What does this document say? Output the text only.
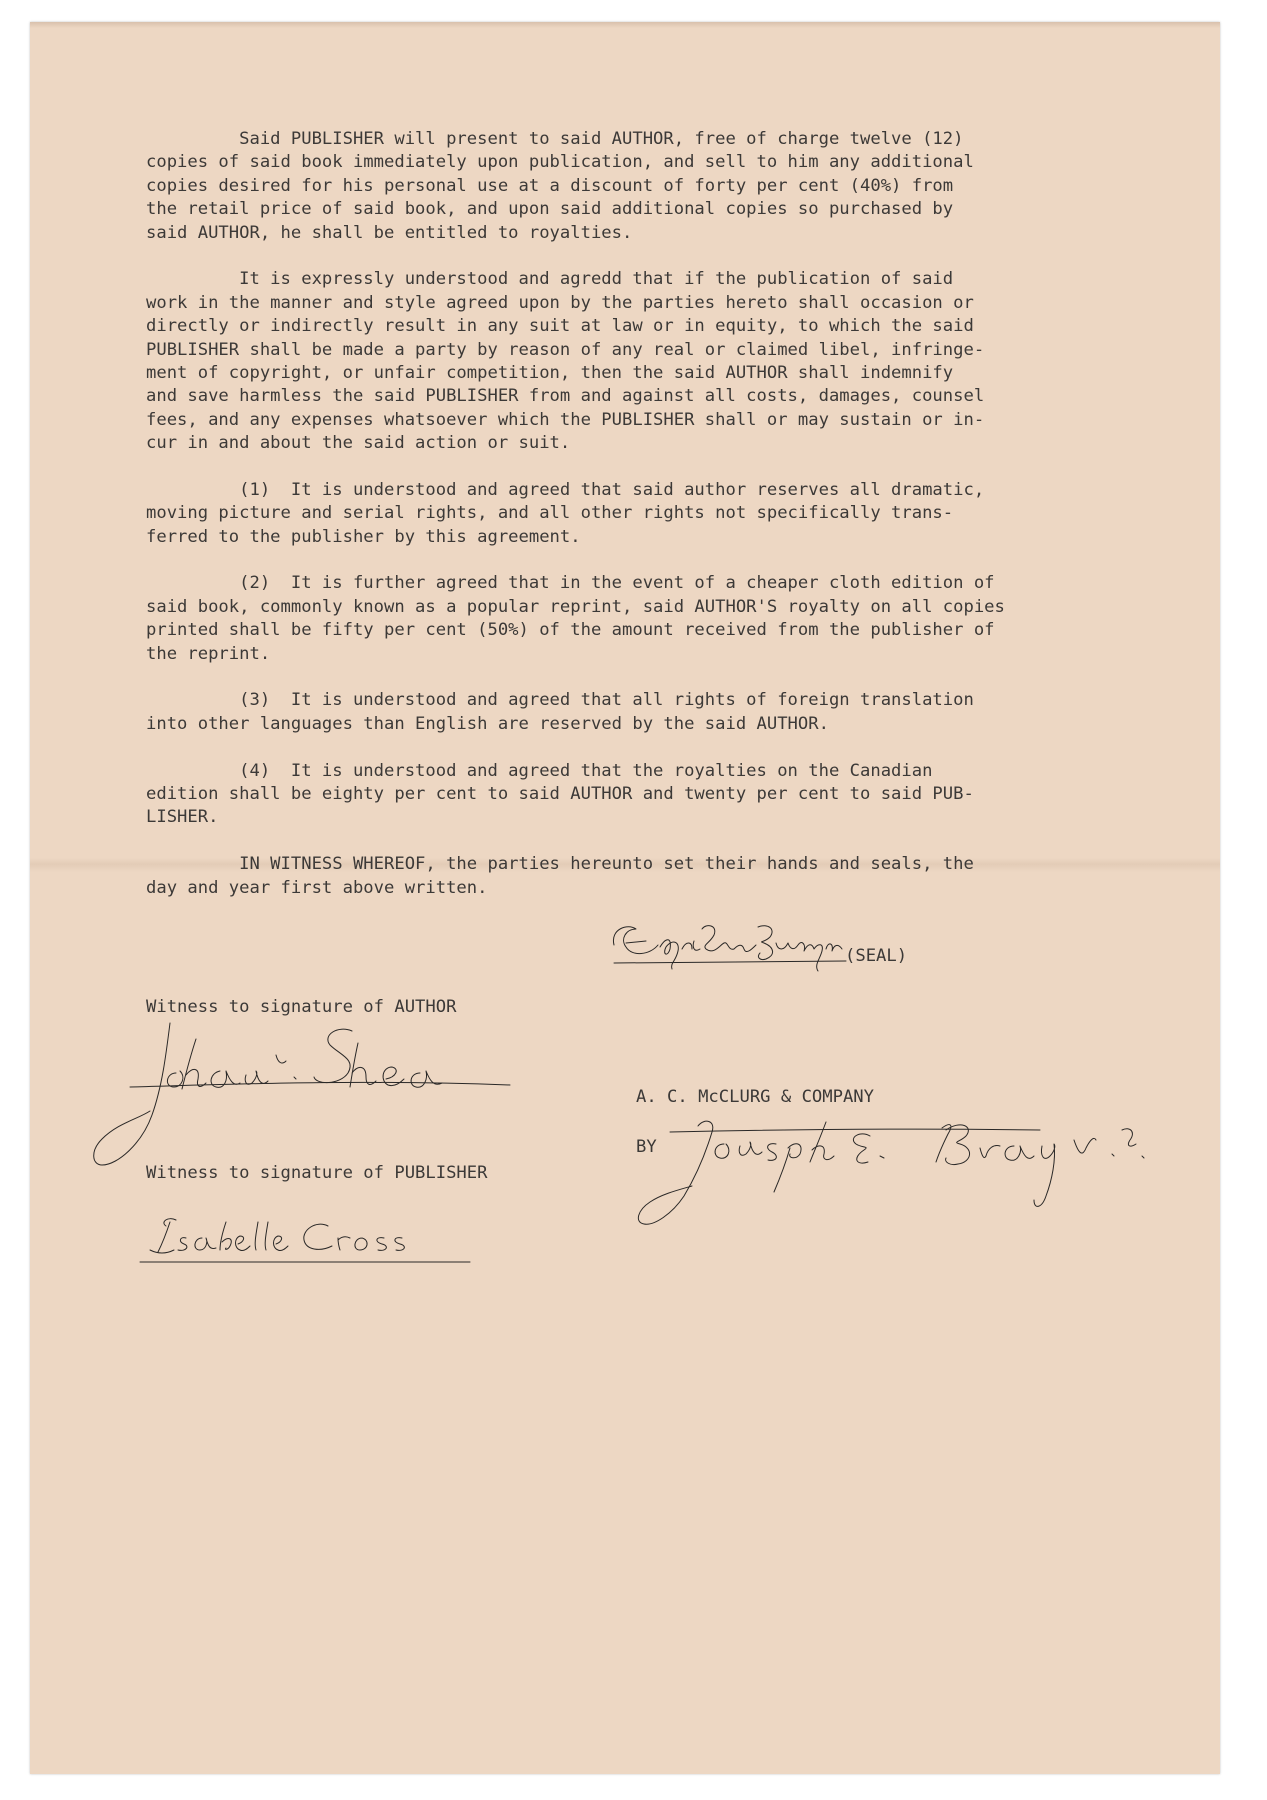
Said PUBLISHER will present to said AUTHOR, free of charge twelve (12)
copies of said book immediately upon publication, and sell to him any additional
copies desired for his personal use at a discount of forty per cent (40%) from
the retail price of said book, and upon said additional copies so purchased by
said AUTHOR, he shall be entitled to royalties.
It is expressly understood and agredd that if the publication of said
work in the manner and style agreed upon by the parties hereto shall occasion or
directly or indirectly result in any suit at law or in equity, to which the said
PUBLISHER shall be made a party by reason of any real or claimed libel, infringe-
ment of copyright, or unfair competition, then the said AUTHOR shall indemnify
and save harmless the said PUBLISHER from and against all costs, damages, counsel
fees, and any expenses whatsoever which the PUBLISHER shall or may sustain or in-
cur in and about the said action or suit.
(1)  It is understood and agreed that said author reserves all dramatic,
moving picture and serial rights, and all other rights not specifically trans-
ferred to the publisher by this agreement.
(2)  It is further agreed that in the event of a cheaper cloth edition of
said book, commonly known as a popular reprint, said AUTHOR'S royalty on all copies
printed shall be fifty per cent (50%) of the amount received from the publisher of
the reprint.
(3)  It is understood and agreed that all rights of foreign translation
into other languages than English are reserved by the said AUTHOR.
(4)  It is understood and agreed that the royalties on the Canadian
edition shall be eighty per cent to said AUTHOR and twenty per cent to said PUB-
LISHER.
IN WITNESS WHEREOF, the parties hereunto set their hands and seals, the
day and year first above written.
(SEAL)
Witness to signature of AUTHOR
A. C. McCLURG & COMPANY
BY
Witness to signature of PUBLISHER
